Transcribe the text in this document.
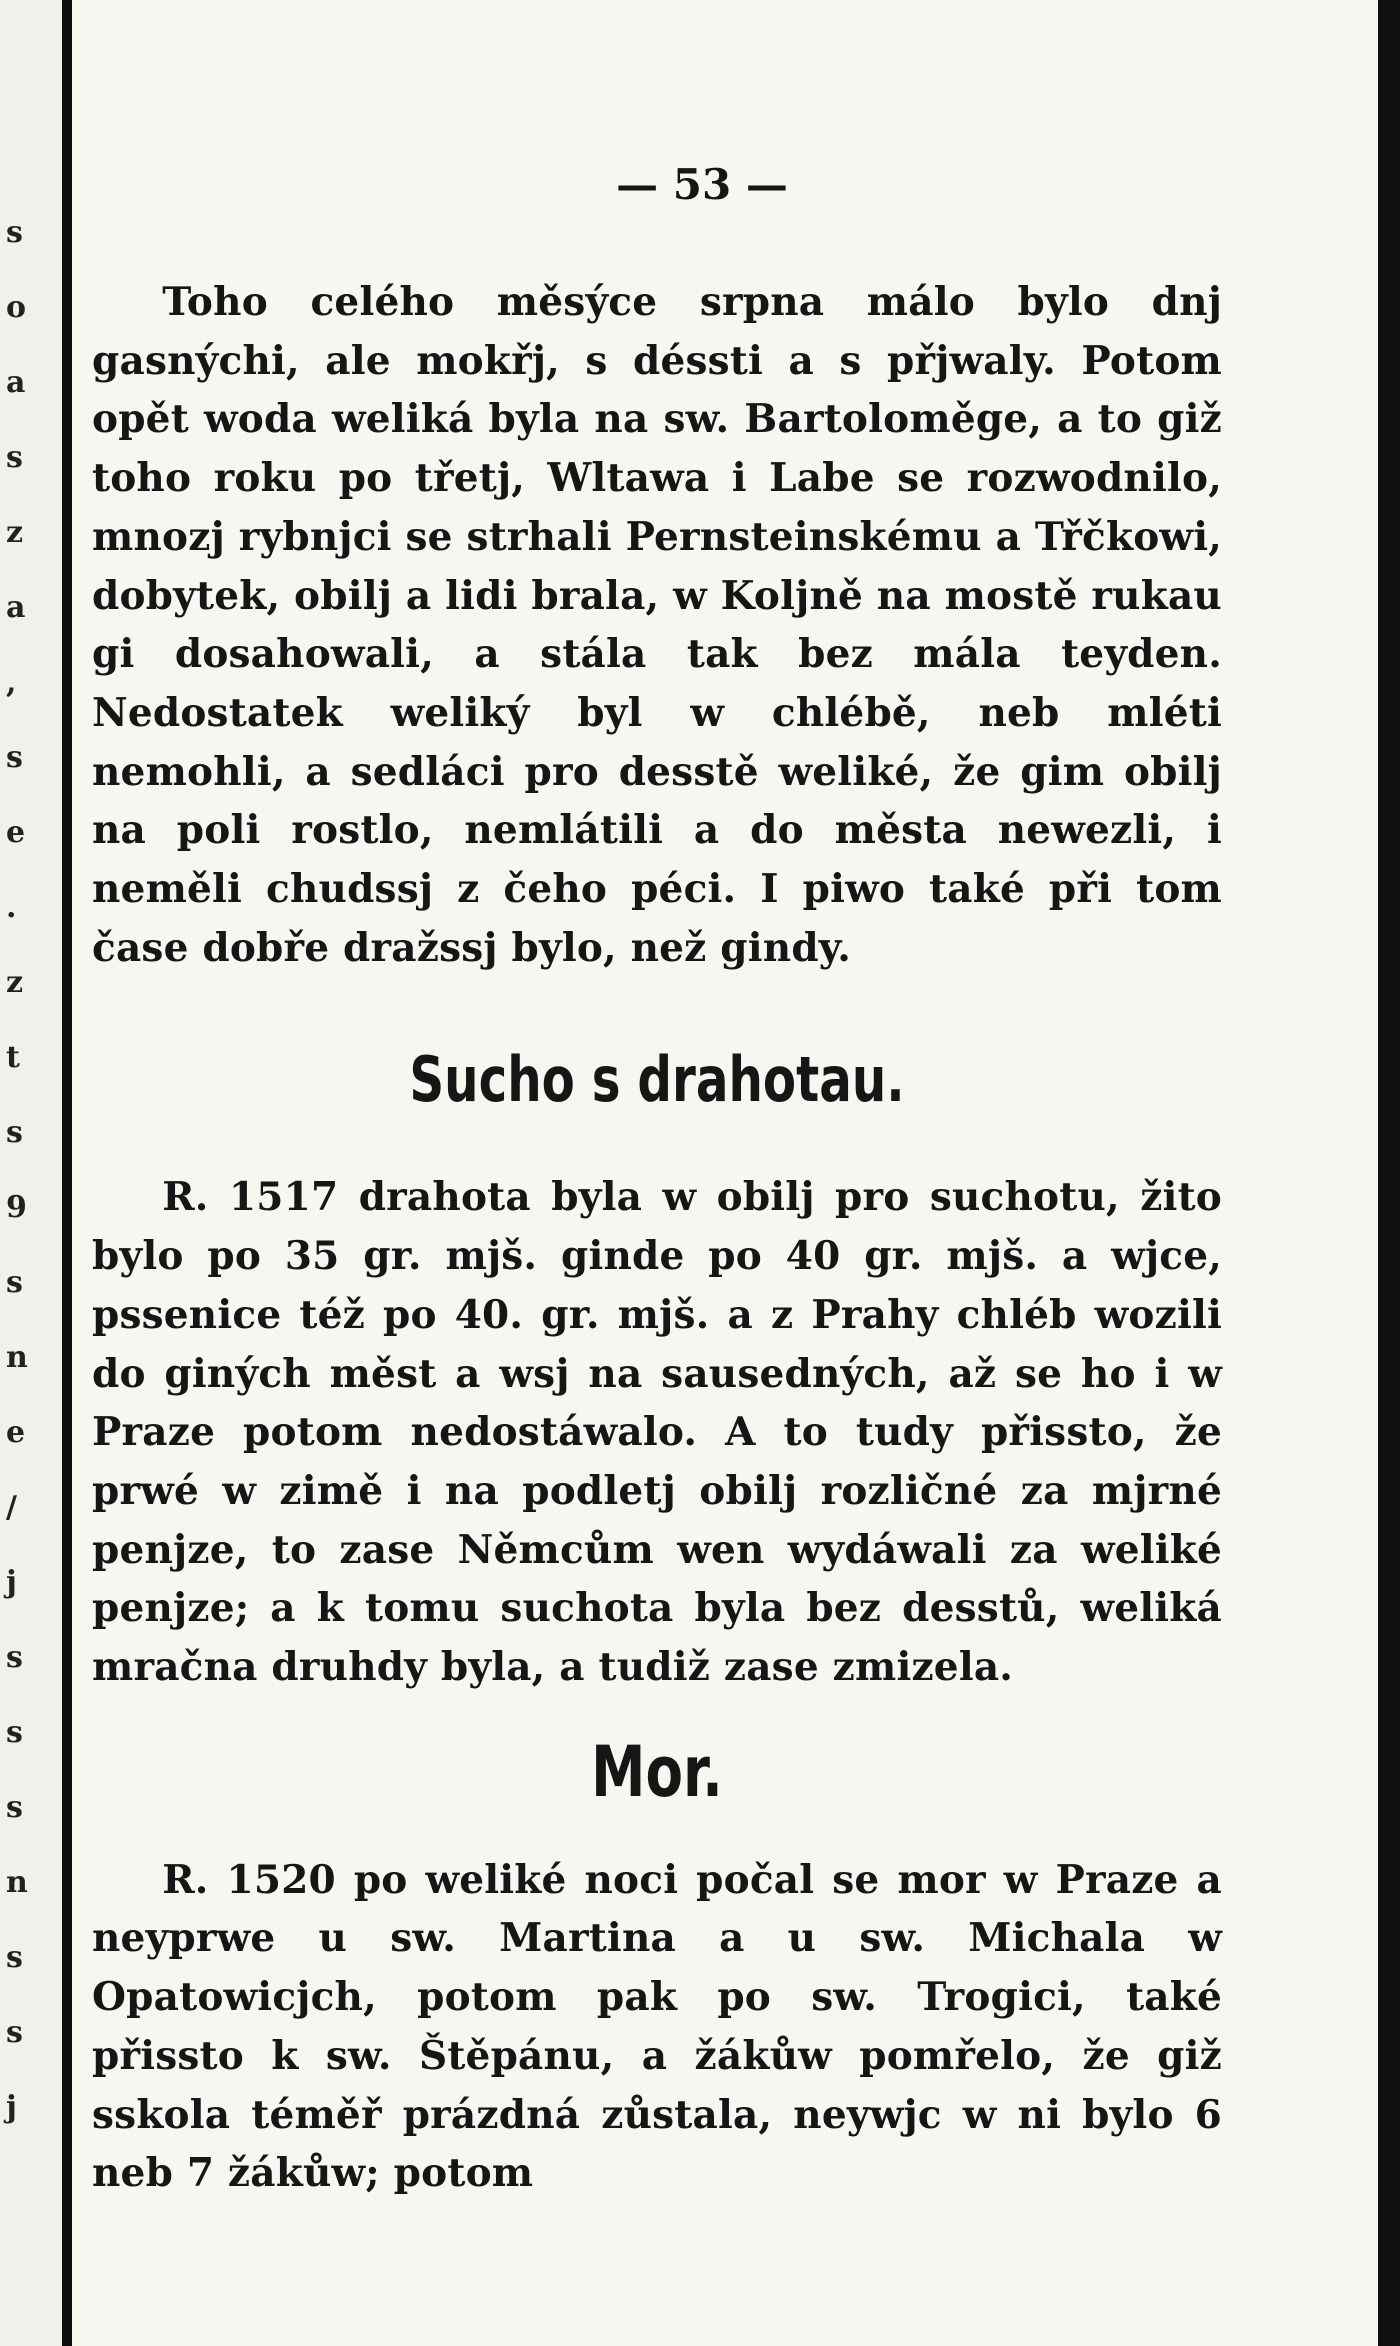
s
o
a
s
z
a
,
s
e
.
z
t
s
9
s
n
e
/
j
s
s
s
n
s
s
j
— 53 —

Toho celého měsýce srpna málo bylo dnj gasnýchi, ale mokřj, s déssti a s přjwaly. Potom opět woda weliká byla na sw. Bartoloměge, a to giž toho roku po třetj, Wltawa i Labe se rozwodnilo, mnozj rybnjci se strhali Pernsteinskému a Třčkowi, dobytek, obilj a lidi brala, w Koljně na mostě rukau gi dosahowali, a stála tak bez mála teyden. Nedostatek weliký byl w chlébě, neb mléti nemohli, a sedláci pro desstě weliké, že gim obilj na poli rostlo, nemlátili a do města newezli, i neměli chudssj z čeho péci. I piwo také při tom čase dobře dražssj bylo, než gindy.

Sucho s drahotau.

R. 1517 drahota byla w obilj pro suchotu, žito bylo po 35 gr. mjš. ginde po 40 gr. mjš. a wjce, pssenice též po 40. gr. mjš. a z Prahy chléb wozili do giných měst a wsj na sausedných, až se ho i w Praze potom nedostáwalo. A to tudy přissto, že prwé w zimě i na podletj obilj rozličné za mjrné penjze, to zase Němcům wen wydáwali za weliké penjze; a k tomu suchota byla bez desstů, weliká mračna druhdy byla, a tudiž zase zmizela.

Mor.

R. 1520 po weliké noci počal se mor w Praze a neyprwe u sw. Martina a u sw. Michala w Opatowicjch, potom pak po sw. Trogici, také přissto k sw. Štěpánu, a žákůw pomřelo, že giž sskola téměř prázdná zůstala, neywjc w ni bylo 6 neb 7 žákůw; potom
